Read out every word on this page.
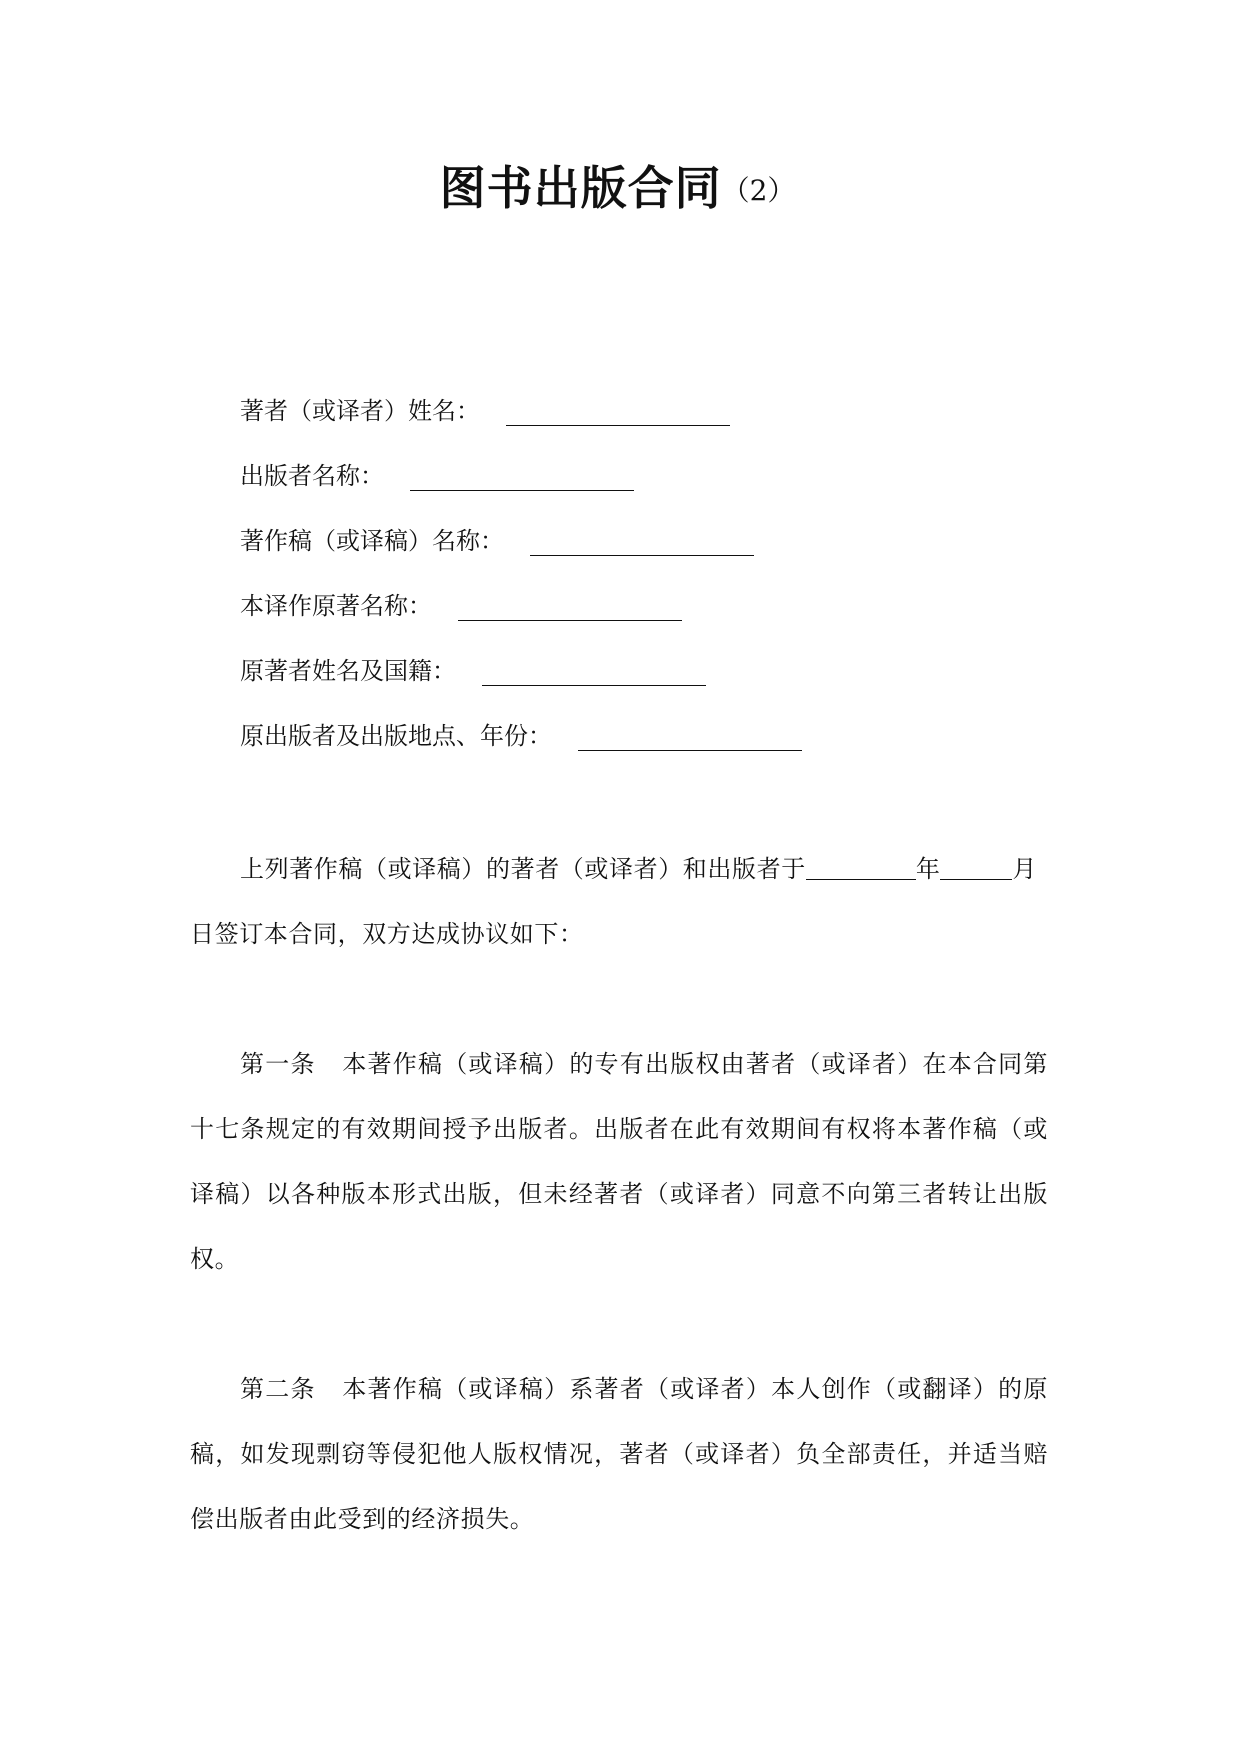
图书出版合同（2）
著者（或译者）姓名：
出版者名称：
著作稿（或译稿）名称：
本译作原著名称：
原著者姓名及国籍：
原出版者及出版地点、年份：
上列著作稿（或译稿）的著者（或译者）和出版者于	年	月
日签订本合同，双方达成协议如下：
第一条 本著作稿（或译稿）的专有出版权由著者（或译者）在本合同第
十七条规定的有效期间授予出版者。出版者在此有效期间有权将本著作稿（或
译稿）以各种版本形式出版，但未经著者（或译者）同意不向第三者转让出版
权。
第二条 本著作稿（或译稿）系著者（或译者）本人创作（或翻译）的原
稿，如发现剽窃等侵犯他人版权情况，著者（或译者）负全部责任，并适当赔
偿出版者由此受到的经济损失。
